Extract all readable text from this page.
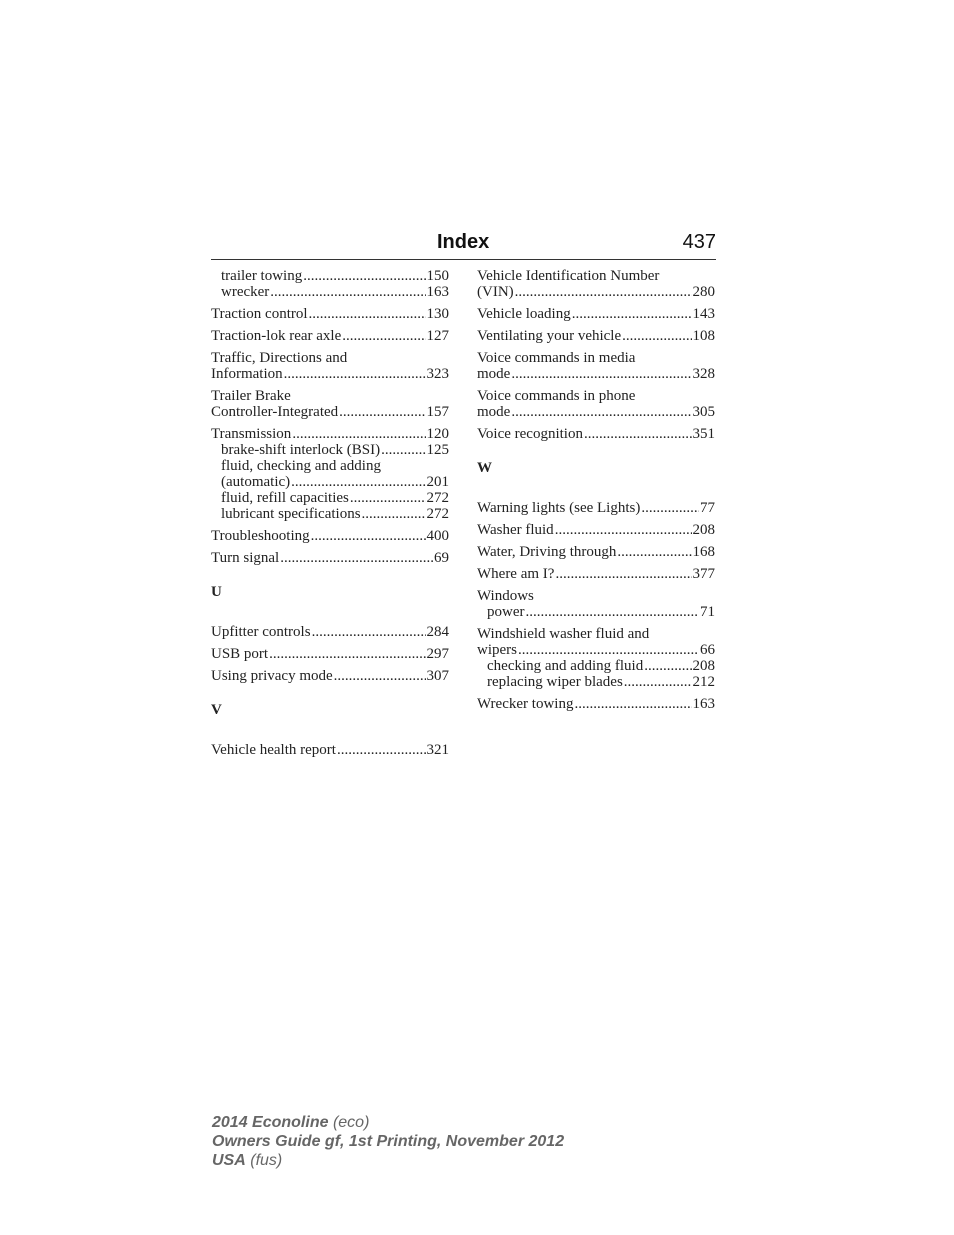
Index	437
trailer towing .....	150
wrecker .....	163
Traction control .....	130
Traction-lok rear axle .....	127
Traffic, Directions and
Information .....	323
Trailer Brake
Controller-Integrated .....	157
Transmission .....	120
brake-shift interlock (BSI) .....	125
fluid, checking and adding
(automatic) .....	201
fluid, refill capacities .....	272
lubricant specifications .....	272
Troubleshooting .....	400
Turn signal .....	69
U
Upfitter controls .....	284
USB port .....	297
Using privacy mode .....	307
V
Vehicle health report .....	321
Vehicle Identification Number
(VIN) .....	280
Vehicle loading .....	143
Ventilating your vehicle .....	108
Voice commands in media
mode .....	328
Voice commands in phone
mode .....	305
Voice recognition .....	351
W
Warning lights (see Lights) .....	77
Washer fluid .....	208
Water, Driving through .....	168
Where am I? .....	377
Windows
power .....	71
Windshield washer fluid and
wipers .....	66
checking and adding fluid .....	208
replacing wiper blades .....	212
Wrecker towing .....	163
2014 Econoline (eco)
Owners Guide gf, 1st Printing, November 2012
USA (fus)
